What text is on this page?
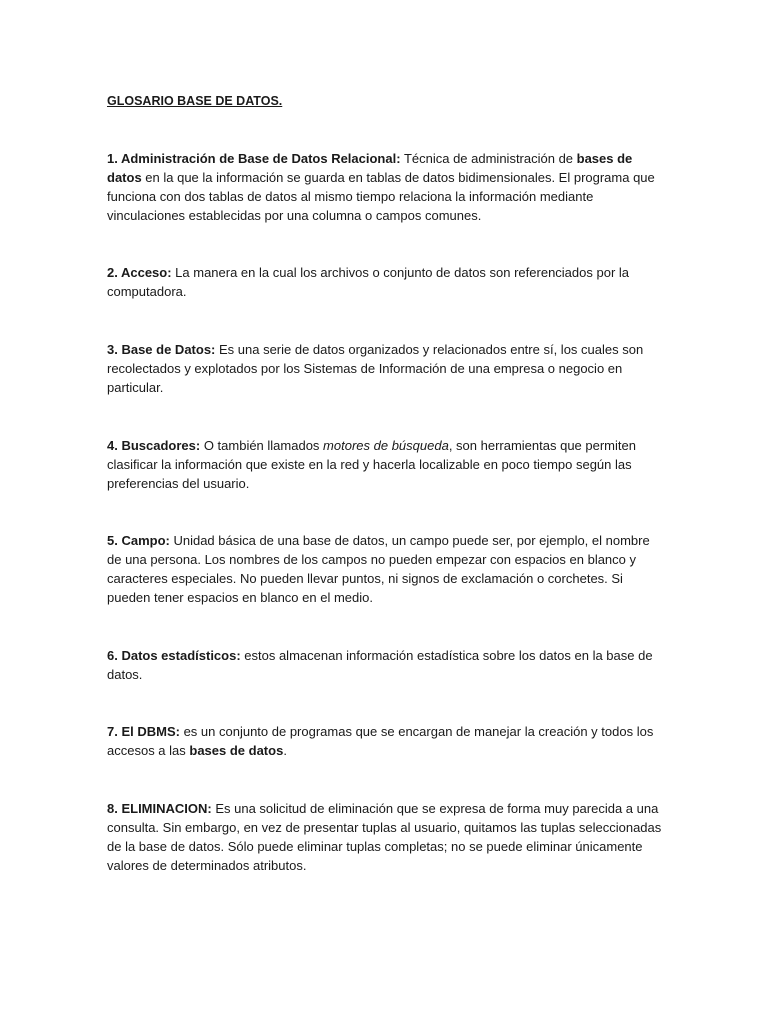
GLOSARIO BASE DE DATOS.

1. Administración de Base de Datos Relacional: Técnica de administración de bases de datos en la que la información se guarda en tablas de datos bidimensionales. El programa que funciona con dos tablas de datos al mismo tiempo relaciona la información mediante vinculaciones establecidas por una columna o campos comunes.

2. Acceso: La manera en la cual los archivos o conjunto de datos son referenciados por la computadora.

3. Base de Datos: Es una serie de datos organizados y relacionados entre sí, los cuales son recolectados y explotados por los Sistemas de Información de una empresa o negocio en particular.

4. Buscadores: O también llamados motores de búsqueda, son herramientas que permiten clasificar la información que existe en la red y hacerla localizable en poco tiempo según las preferencias del usuario.

5. Campo: Unidad básica de una base de datos, un campo puede ser, por ejemplo, el nombre de una persona. Los nombres de los campos no pueden empezar con espacios en blanco y caracteres especiales. No pueden llevar puntos, ni signos de exclamación o corchetes. Si pueden tener espacios en blanco en el medio.

6. Datos estadísticos: estos almacenan información estadística sobre los datos en la base de datos.

7. El DBMS: es un conjunto de programas que se encargan de manejar la creación y todos los accesos a las bases de datos.

8. ELIMINACION: Es una solicitud de eliminación que se expresa de forma muy parecida a una consulta. Sin embargo, en vez de presentar tuplas al usuario, quitamos las tuplas seleccionadas de la base de datos. Sólo puede eliminar tuplas completas; no se puede eliminar únicamente valores de determinados atributos.
